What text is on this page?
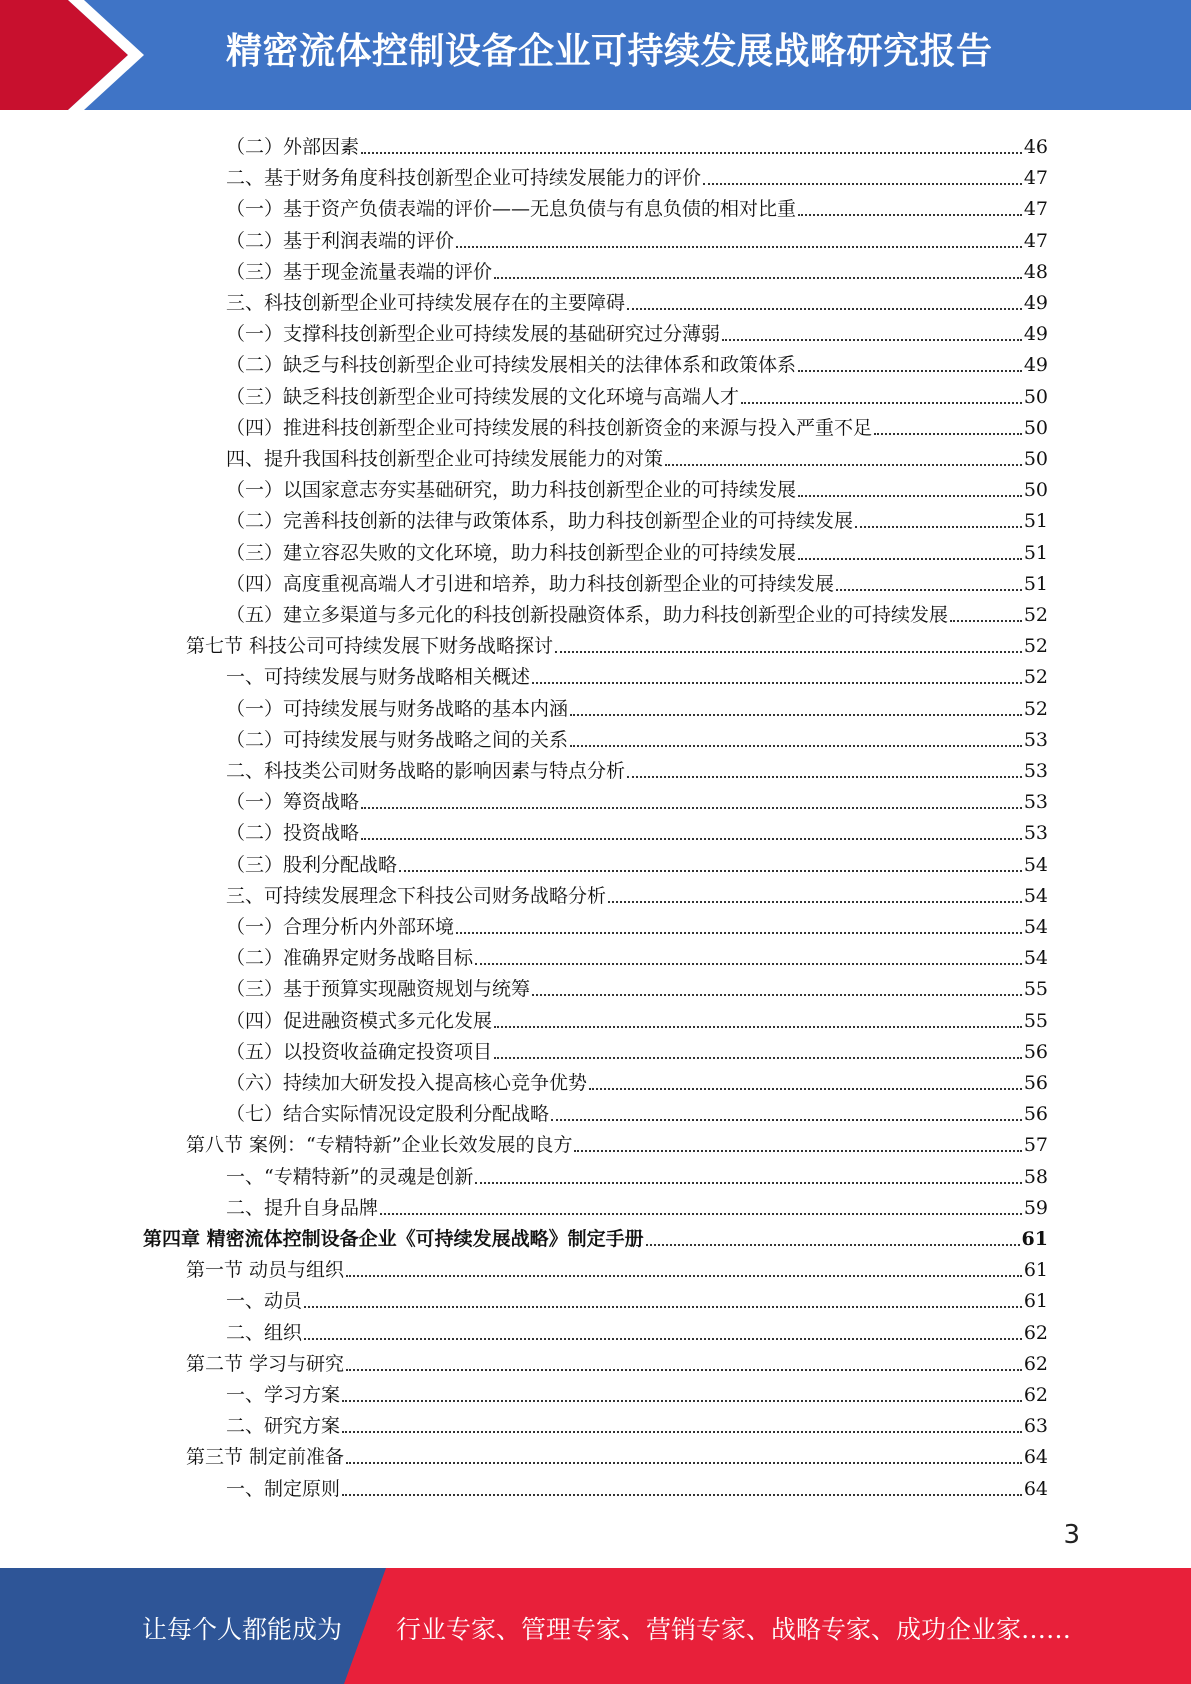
精密流体控制设备企业可持续发展战略研究报告
（二）外部因素	46
二、基于财务角度科技创新型企业可持续发展能力的评价	47
（一）基于资产负债表端的评价——无息负债与有息负债的相对比重	47
（二）基于利润表端的评价	47
（三）基于现金流量表端的评价	48
三、科技创新型企业可持续发展存在的主要障碍	49
（一）支撑科技创新型企业可持续发展的基础研究过分薄弱	49
（二）缺乏与科技创新型企业可持续发展相关的法律体系和政策体系	49
（三）缺乏科技创新型企业可持续发展的文化环境与高端人才	50
（四）推进科技创新型企业可持续发展的科技创新资金的来源与投入严重不足	50
四、提升我国科技创新型企业可持续发展能力的对策	50
（一）以国家意志夯实基础研究，助力科技创新型企业的可持续发展	50
（二）完善科技创新的法律与政策体系，助力科技创新型企业的可持续发展	51
（三）建立容忍失败的文化环境，助力科技创新型企业的可持续发展	51
（四）高度重视高端人才引进和培养，助力科技创新型企业的可持续发展	51
（五）建立多渠道与多元化的科技创新投融资体系，助力科技创新型企业的可持续发展	52
第七节 科技公司可持续发展下财务战略探讨	52
一、可持续发展与财务战略相关概述	52
（一）可持续发展与财务战略的基本内涵	52
（二）可持续发展与财务战略之间的关系	53
二、科技类公司财务战略的影响因素与特点分析	53
（一）筹资战略	53
（二）投资战略	53
（三）股利分配战略	54
三、可持续发展理念下科技公司财务战略分析	54
（一）合理分析内外部环境	54
（二）准确界定财务战略目标	54
（三）基于预算实现融资规划与统筹	55
（四）促进融资模式多元化发展	55
（五）以投资收益确定投资项目	56
（六）持续加大研发投入提高核心竞争优势	56
（七）结合实际情况设定股利分配战略	56
第八节 案例：“专精特新”企业长效发展的良方	57
一、“专精特新”的灵魂是创新	58
二、提升自身品牌	59
第四章 精密流体控制设备企业《可持续发展战略》制定手册	61
第一节 动员与组织	61
一、动员	61
二、组织	62
第二节 学习与研究	62
一、学习方案	62
二、研究方案	63
第三节 制定前准备	64
一、制定原则	64
3
让每个人都能成为 行业专家、管理专家、营销专家、战略专家、成功企业家……
